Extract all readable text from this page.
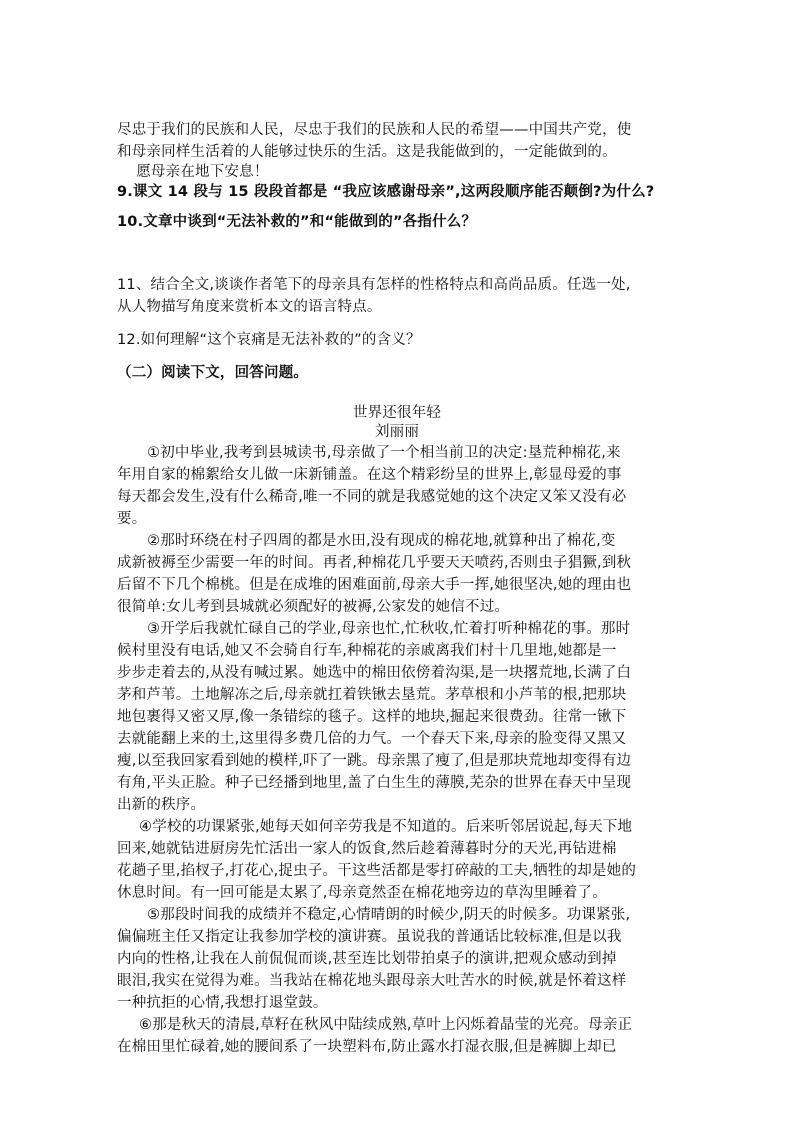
尽忠于我们的民族和人民，尽忠于我们的民族和人民的希望——中国共产党，使

和母亲同样生活着的人能够过快乐的生活。这是我能做到的，一定能做到的。

愿母亲在地下安息！

9.课文 14 段与 15 段段首都是 “我应该感谢母亲”,这两段顺序能否颠倒?为什么?

10.文章中谈到“无法补救的”和“能做到的”各指什么？

11、结合全文,谈谈作者笔下的母亲具有怎样的性格特点和高尚品质。任选一处,

从人物描写角度来赏析本文的语言特点。

12.如何理解“这个哀痛是无法补救的”的含义？

（二）阅读下文，回答问题。

世界还很年轻

刘丽丽

①初中毕业,我考到县城读书,母亲做了一个相当前卫的决定:垦荒种棉花,来

年用自家的棉絮给女儿做一床新铺盖。在这个精彩纷呈的世界上,彰显母爱的事

每天都会发生,没有什么稀奇,唯一不同的就是我感觉她的这个决定又笨又没有必

要。

②那时环绕在村子四周的都是水田,没有现成的棉花地,就算种出了棉花,变

成新被褥至少需要一年的时间。再者,种棉花几乎要天天喷药,否则虫子猖獗,到秋

后留不下几个棉桃。但是在成堆的困难面前,母亲大手一挥,她很坚决,她的理由也

很简单:女儿考到县城就必须配好的被褥,公家发的她信不过。

③开学后我就忙碌自己的学业,母亲也忙,忙秋收,忙着打听种棉花的事。那时

候村里没有电话,她又不会骑自行车,种棉花的亲戚离我们村十几里地,她都是一

步步走着去的,从没有喊过累。她选中的棉田依傍着沟渠,是一块撂荒地,长满了白

茅和芦苇。土地解冻之后,母亲就扛着铁锹去垦荒。茅草根和小芦苇的根,把那块

地包裹得又密又厚,像一条错综的毯子。这样的地块,掘起来很费劲。往常一锹下

去就能翻上来的土,这里得多费几倍的力气。一个春天下来,母亲的脸变得又黑又

瘦,以至我回家看到她的模样,吓了一跳。母亲黑了瘦了,但是那块荒地却变得有边

有角,平头正脸。种子已经播到地里,盖了白生生的薄膜,芜杂的世界在春天中呈现

出新的秩序。

④学校的功课紧张,她每天如何辛劳我是不知道的。后来听邻居说起,每天下地

回来,她就钻进厨房先忙活出一家人的饭食,然后趁着薄暮时分的天光,再钻进棉

花趟子里,掐杈子,打花心,捉虫子。干这些活都是零打碎敲的工夫,牺牲的却是她的

休息时间。有一回可能是太累了,母亲竟然歪在棉花地旁边的草沟里睡着了。

⑤那段时间我的成绩并不稳定,心情晴朗的时候少,阴天的时候多。功课紧张,

偏偏班主任又指定让我参加学校的演讲赛。虽说我的普通话比较标准,但是以我

内向的性格,让我在人前侃侃而谈,甚至连比划带拍桌子的演讲,把观众感动到掉

眼泪,我实在觉得为难。当我站在棉花地头跟母亲大吐苦水的时候,就是怀着这样

一种抗拒的心情,我想打退堂鼓。

⑥那是秋天的清晨,草籽在秋风中陆续成熟,草叶上闪烁着晶莹的光亮。母亲正

在棉田里忙碌着,她的腰间系了一块塑料布,防止露水打湿衣服,但是裤脚上却已
